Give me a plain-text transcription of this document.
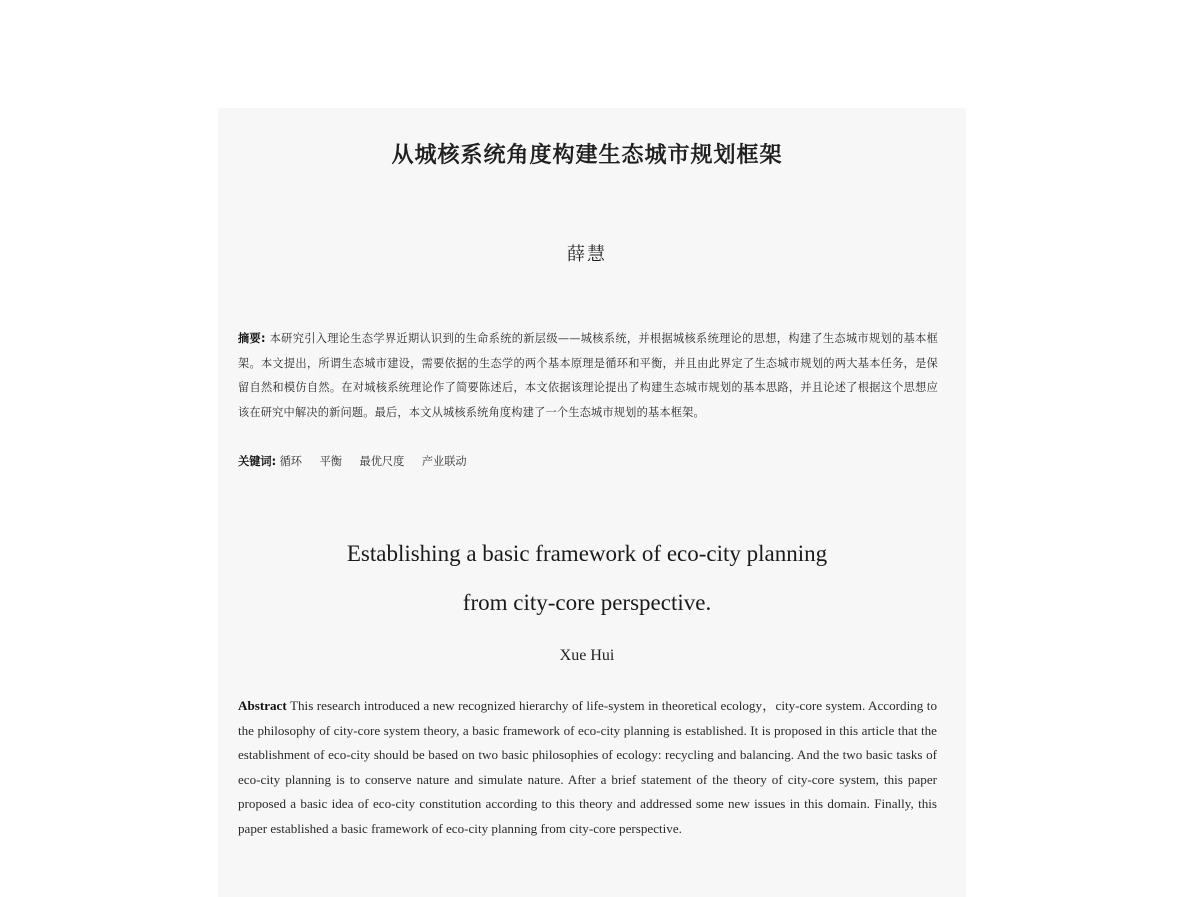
从城核系统角度构建生态城市规划框架
薛慧
摘要: 本研究引入理论生态学界近期认识到的生命系统的新层级——城核系统，并根据城核系统理论的思想，构建了生态城市规划的基本框架。本文提出，所谓生态城市建设，需要依据的生态学的两个基本原理是循环和平衡，并且由此界定了生态城市规划的两大基本任务，是保留自然和模仿自然。在对城核系统理论作了简要陈述后，本文依据该理论提出了构建生态城市规划的基本思路，并且论述了根据这个思想应该在研究中解决的新问题。最后，本文从城核系统角度构建了一个生态城市规划的基本框架。
关键词: 循环 平衡 最优尺度 产业联动
Establishing a basic framework of eco-city planning
from city-core perspective.
Xue Hui
Abstract This research introduced a new recognized hierarchy of life-system in theoretical ecology，city-core system. According to the philosophy of city-core system theory, a basic framework of eco-city planning is established. It is proposed in this article that the establishment of eco-city should be based on two basic philosophies of ecology: recycling and balancing. And the two basic tasks of eco-city planning is to conserve nature and simulate nature. After a brief statement of the theory of city-core system, this paper proposed a basic idea of eco-city constitution according to this theory and addressed some new issues in this domain. Finally, this paper established a basic framework of eco-city planning from city-core perspective.
